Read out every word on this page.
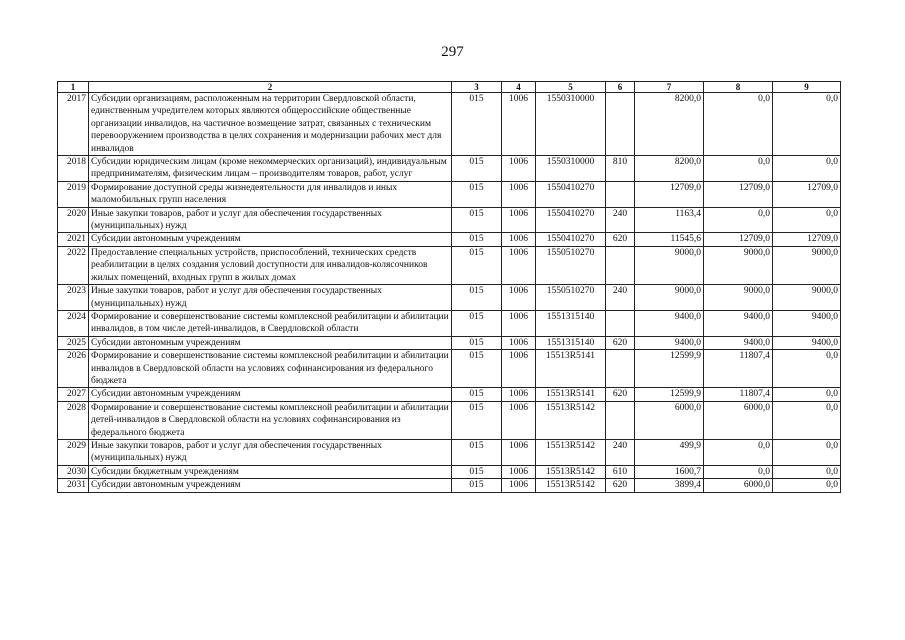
297
1	2	3	4	5	6	7	8	9
2017	Субсидии организациям, расположенным на территории Свердловской области, единственным учредителем которых являются общероссийские общественные организации инвалидов, на частичное возмещение затрат, связанных с техническим перевооружением производства в целях сохранения и модернизации рабочих мест для инвалидов	015	1006	1550310000		8200,0	0,0	0,0
2018	Субсидии юридическим лицам (кроме некоммерческих организаций), индивидуальным предпринимателям, физическим лицам – производителям товаров, работ, услуг	015	1006	1550310000	810	8200,0	0,0	0,0
2019	Формирование доступной среды жизнедеятельности для инвалидов и иных маломобильных групп населения	015	1006	1550410270		12709,0	12709,0	12709,0
2020	Иные закупки товаров, работ и услуг для обеспечения государственных (муниципальных) нужд	015	1006	1550410270	240	1163,4	0,0	0,0
2021	Субсидии автономным учреждениям	015	1006	1550410270	620	11545,6	12709,0	12709,0
2022	Предоставление специальных устройств, приспособлений, технических средств реабилитации в целях создания условий доступности для инвалидов-колясочников жилых помещений, входных групп в жилых домах	015	1006	1550510270		9000,0	9000,0	9000,0
2023	Иные закупки товаров, работ и услуг для обеспечения государственных (муниципальных) нужд	015	1006	1550510270	240	9000,0	9000,0	9000,0
2024	Формирование и совершенствование системы комплексной реабилитации и абилитации инвалидов, в том числе детей-инвалидов, в Свердловской области	015	1006	1551315140		9400,0	9400,0	9400,0
2025	Субсидии автономным учреждениям	015	1006	1551315140	620	9400,0	9400,0	9400,0
2026	Формирование и совершенствование системы комплексной реабилитации и абилитации инвалидов в Свердловской области на условиях софинансирования из федерального бюджета	015	1006	15513R5141		12599,9	11807,4	0,0
2027	Субсидии автономным учреждениям	015	1006	15513R5141	620	12599,9	11807,4	0,0
2028	Формирование и совершенствование системы комплексной реабилитации и абилитации детей-инвалидов в Свердловской области на условиях софинансирования из федерального бюджета	015	1006	15513R5142		6000,0	6000,0	0,0
2029	Иные закупки товаров, работ и услуг для обеспечения государственных (муниципальных) нужд	015	1006	15513R5142	240	499,9	0,0	0,0
2030	Субсидии бюджетным учреждениям	015	1006	15513R5142	610	1600,7	0,0	0,0
2031	Субсидии автономным учреждениям	015	1006	15513R5142	620	3899,4	6000,0	0,0
